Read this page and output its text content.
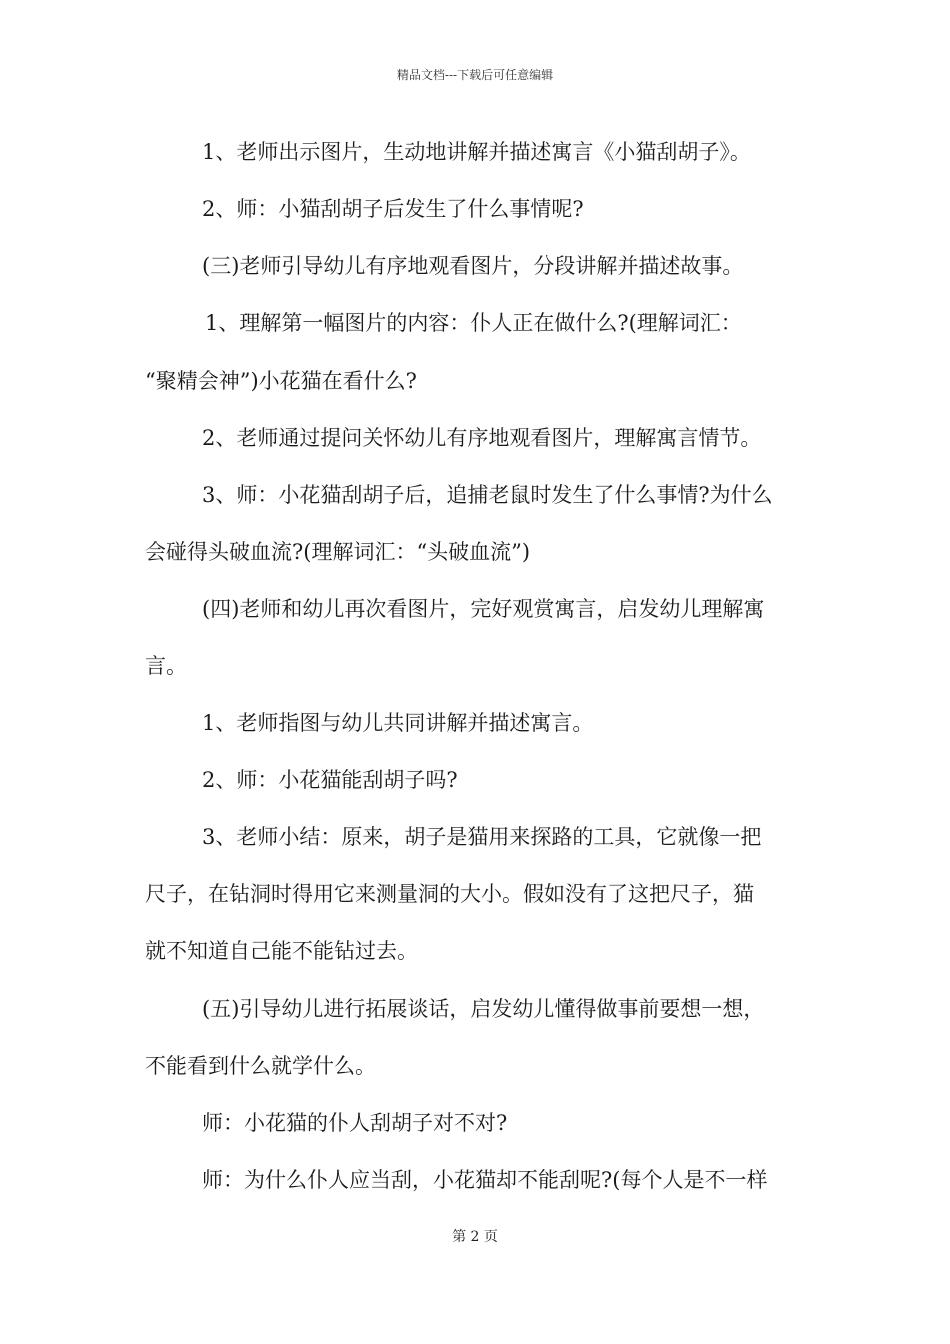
精品文档---下载后可任意编辑
1、老师出示图片，生动地讲解并描述寓言《小猫刮胡子》。
2、师：小猫刮胡子后发生了什么事情呢?
(三)老师引导幼儿有序地观看图片，分段讲解并描述故事。
1、理解第一幅图片的内容：仆人正在做什么?(理解词汇：
“聚精会神”)小花猫在看什么?
2、老师通过提问关怀幼儿有序地观看图片，理解寓言情节。
3、师：小花猫刮胡子后，追捕老鼠时发生了什么事情?为什么
会碰得头破血流?(理解词汇：“头破血流”)
(四)老师和幼儿再次看图片，完好观赏寓言，启发幼儿理解寓
言。
1、老师指图与幼儿共同讲解并描述寓言。
2、师：小花猫能刮胡子吗?
3、老师小结：原来，胡子是猫用来探路的工具，它就像一把
尺子，在钻洞时得用它来测量洞的大小。假如没有了这把尺子，猫
就不知道自己能不能钻过去。
(五)引导幼儿进行拓展谈话，启发幼儿懂得做事前要想一想，
不能看到什么就学什么。
师：小花猫的仆人刮胡子对不对?
师：为什么仆人应当刮，小花猫却不能刮呢?(每个人是不一样
第 2 页
